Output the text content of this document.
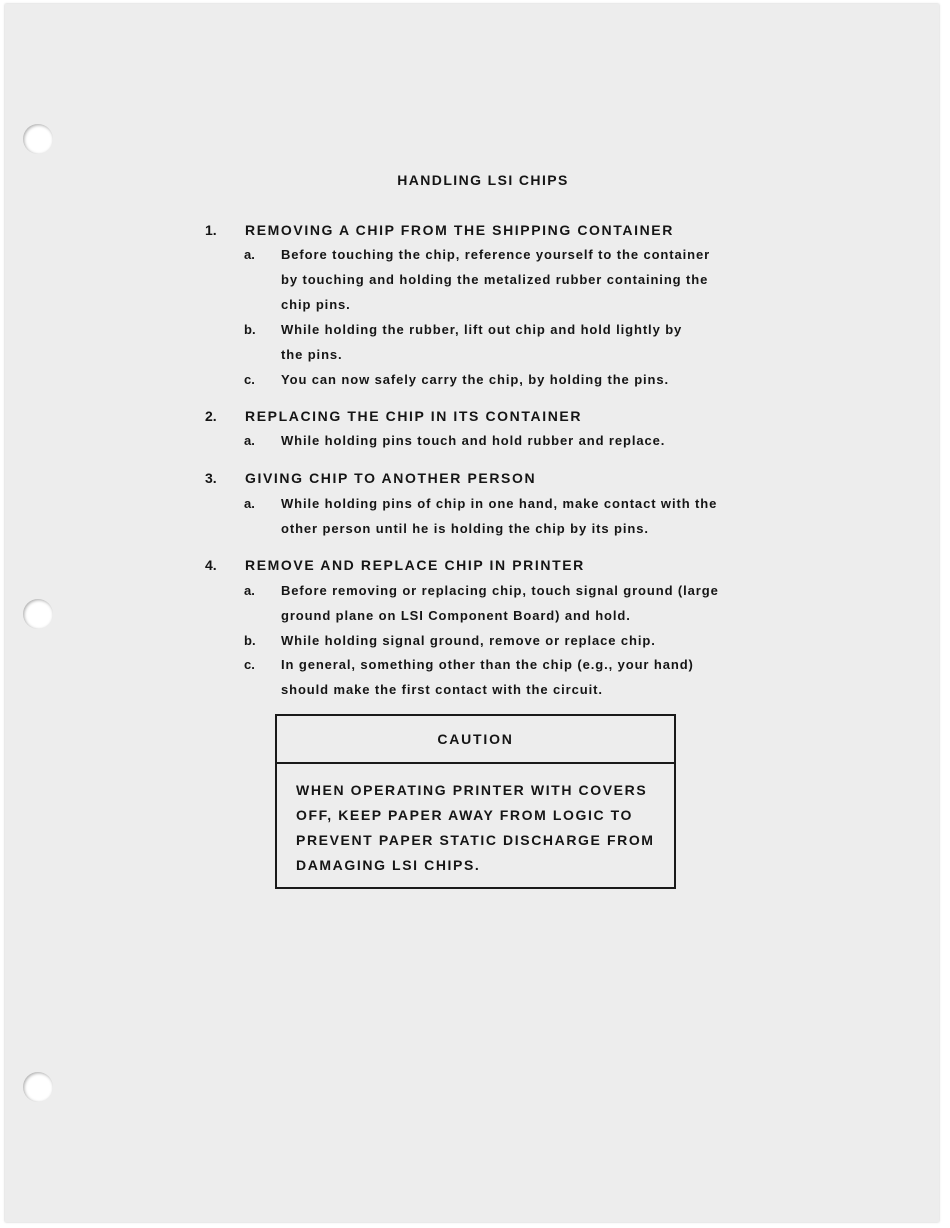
HANDLING LSI CHIPS
1. REMOVING A CHIP FROM THE SHIPPING CONTAINER
a. Before touching the chip, reference yourself to the container
by touching and holding the metalized rubber containing the
chip pins.
b. While holding the rubber, lift out chip and hold lightly by
the pins.
c. You can now safely carry the chip, by holding the pins.
2. REPLACING THE CHIP IN ITS CONTAINER
a. While holding pins touch and hold rubber and replace.
3. GIVING CHIP TO ANOTHER PERSON
a. While holding pins of chip in one hand, make contact with the
other person until he is holding the chip by its pins.
4. REMOVE AND REPLACE CHIP IN PRINTER
a. Before removing or replacing chip, touch signal ground (large
ground plane on LSI Component Board) and hold.
b. While holding signal ground, remove or replace chip.
c. In general, something other than the chip (e.g., your hand)
should make the first contact with the circuit.
CAUTION
WHEN OPERATING PRINTER WITH COVERS
OFF, KEEP PAPER AWAY FROM LOGIC TO
PREVENT PAPER STATIC DISCHARGE FROM
DAMAGING LSI CHIPS.
